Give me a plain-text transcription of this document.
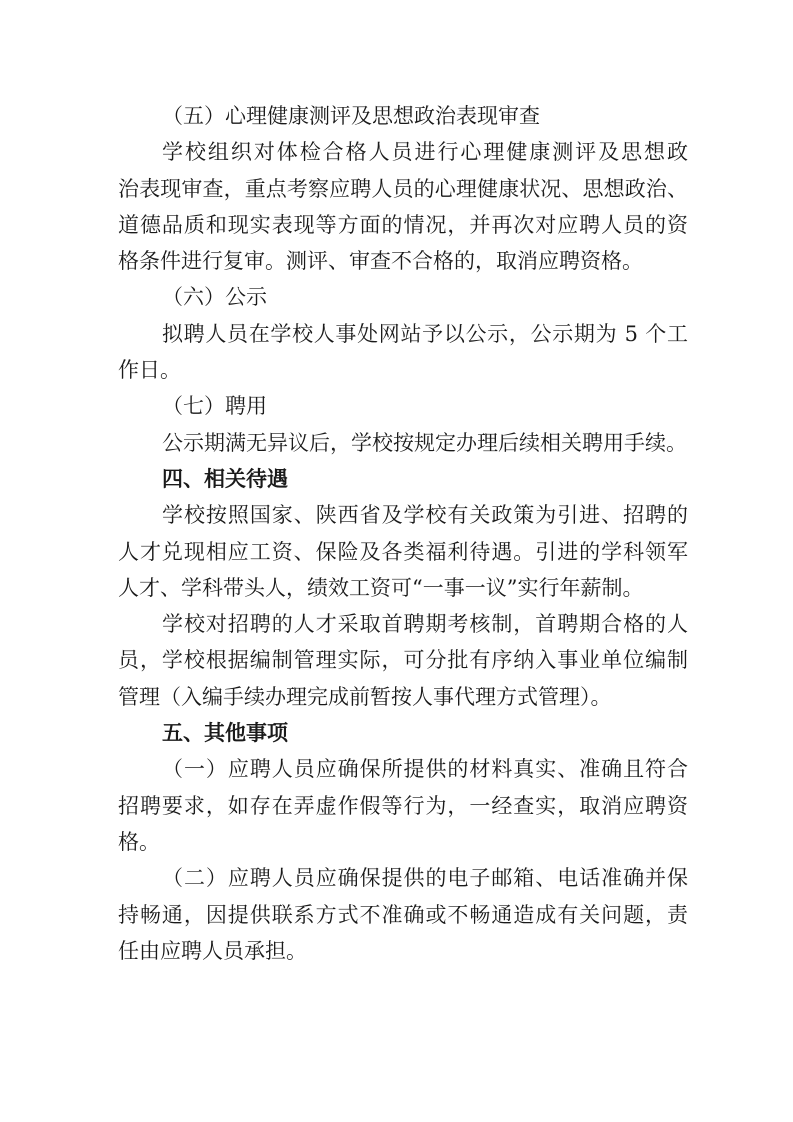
（五）心理健康测评及思想政治表现审查
学校组织对体检合格人员进行心理健康测评及思想政
治表现审查，重点考察应聘人员的心理健康状况、思想政治、
道德品质和现实表现等方面的情况，并再次对应聘人员的资
格条件进行复审。测评、审查不合格的，取消应聘资格。
（六）公示
拟聘人员在学校人事处网站予以公示，公示期为 5 个工
作日。
（七）聘用
公示期满无异议后，学校按规定办理后续相关聘用手续。
四、相关待遇
学校按照国家、陕西省及学校有关政策为引进、招聘的
人才兑现相应工资、保险及各类福利待遇。引进的学科领军
人才、学科带头人，绩效工资可“一事一议”实行年薪制。
学校对招聘的人才采取首聘期考核制，首聘期合格的人
员，学校根据编制管理实际，可分批有序纳入事业单位编制
管理（入编手续办理完成前暂按人事代理方式管理）。
五、其他事项
（一）应聘人员应确保所提供的材料真实、准确且符合
招聘要求，如存在弄虚作假等行为，一经查实，取消应聘资
格。
（二）应聘人员应确保提供的电子邮箱、电话准确并保
持畅通，因提供联系方式不准确或不畅通造成有关问题，责
任由应聘人员承担。
